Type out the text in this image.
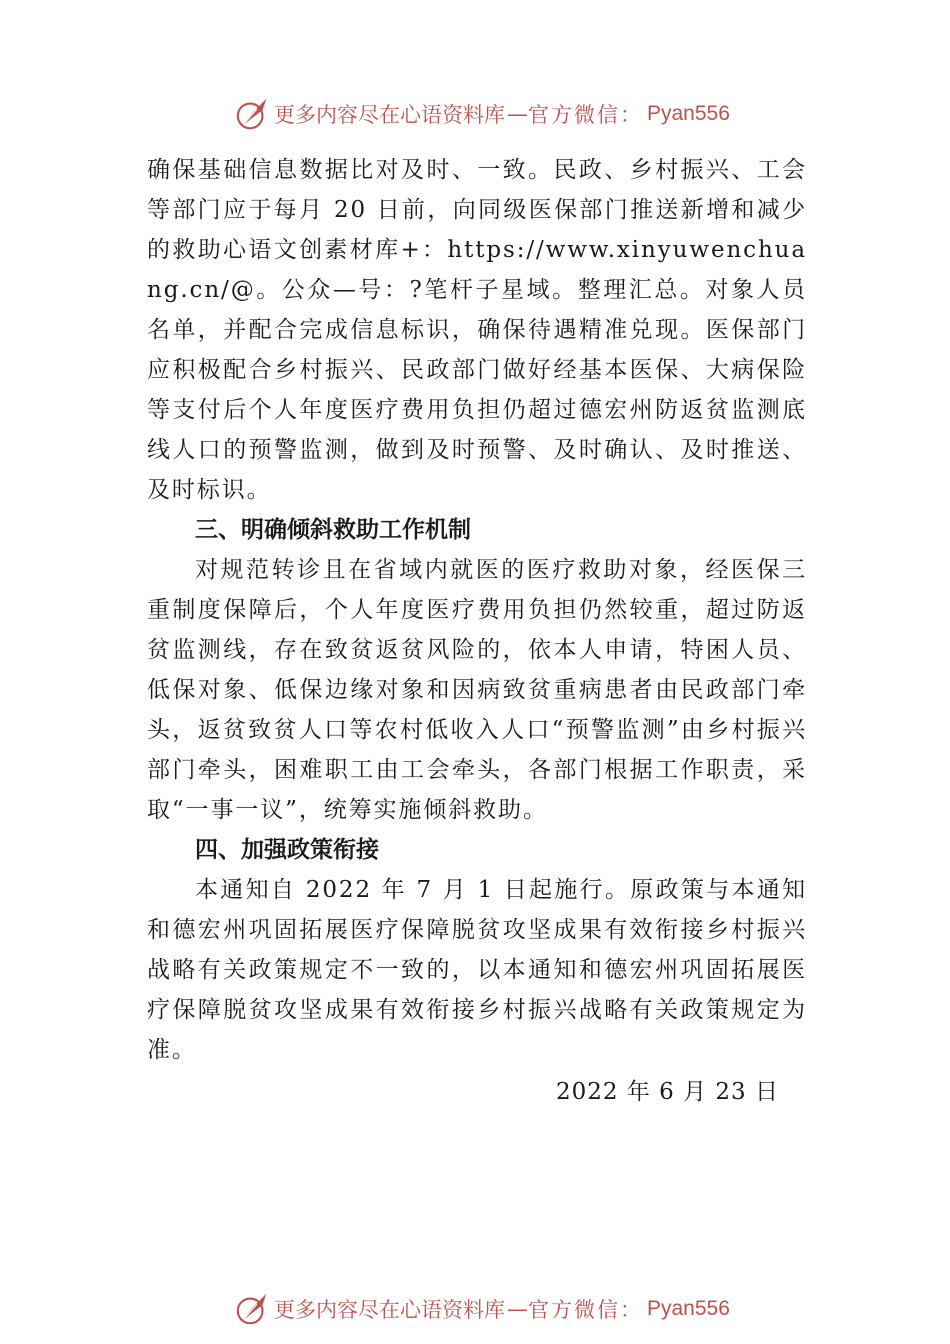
更多内容尽在心语资料库 — 官方微信： Pyan556

确保基础信息数据比对及时、一致。民政、乡村振兴、工会等部门应于每月 20 日前，向同级医保部门推送新增和减少的救助心语文创素材库+：https://www.xinyuwenchuang.cn/@。公众—号：?笔杆子星域。整理汇总。对象人员名单，并配合完成信息标识，确保待遇精准兑现。医保部门应积极配合乡村振兴、民政部门做好经基本医保、大病保险等支付后个人年度医疗费用负担仍超过德宏州防返贫监测底线人口的预警监测，做到及时预警、及时确认、及时推送、及时标识。

三、明确倾斜救助工作机制

对规范转诊且在省域内就医的医疗救助对象，经医保三重制度保障后，个人年度医疗费用负担仍然较重，超过防返贫监测线，存在致贫返贫风险的，依本人申请，特困人员、低保对象、低保边缘对象和因病致贫重病患者由民政部门牵头，返贫致贫人口等农村低收入人口“预警监测”由乡村振兴部门牵头，困难职工由工会牵头，各部门根据工作职责，采取“一事一议”，统筹实施倾斜救助。

四、加强政策衔接

本通知自 2022 年 7 月 1 日起施行。原政策与本通知和德宏州巩固拓展医疗保障脱贫攻坚成果有效衔接乡村振兴战略有关政策规定不一致的，以本通知和德宏州巩固拓展医疗保障脱贫攻坚成果有效衔接乡村振兴战略有关政策规定为准。

2022 年 6 月 23 日

更多内容尽在心语资料库 — 官方微信： Pyan556
